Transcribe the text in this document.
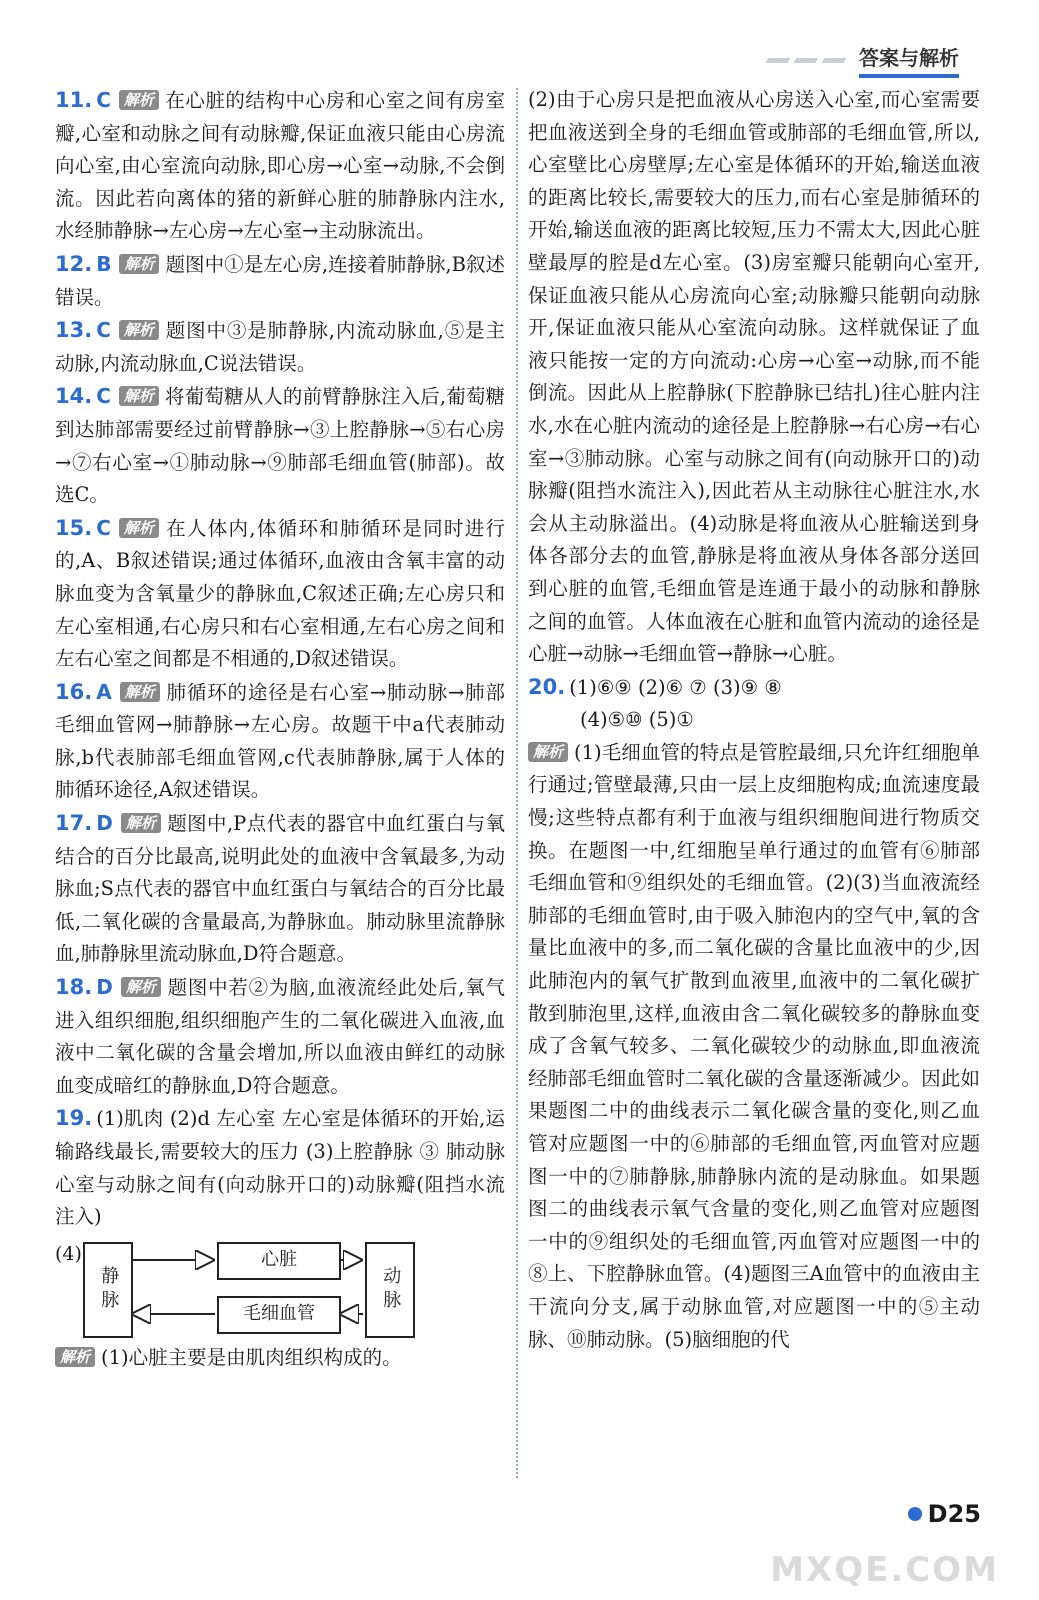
答案与解析
11. C 解析 在心脏的结构中心房和心室之间有房室瓣,心室和动脉之间有动脉瓣,保证血液只能由心房流向心室,由心室流向动脉,即心房→心室→动脉,不会倒流。因此若向离体的猪的新鲜心脏的肺静脉内注水,水经肺静脉→左心房→左心室→主动脉流出。
12. B 解析 题图中①是左心房,连接着肺静脉,B叙述错误。
13. C 解析 题图中③是肺静脉,内流动脉血,⑤是主动脉,内流动脉血,C说法错误。
14. C 解析 将葡萄糖从人的前臂静脉注入后,葡萄糖到达肺部需要经过前臂静脉→③上腔静脉→⑤右心房→⑦右心室→①肺动脉→⑨肺部毛细血管(肺部)。故选C。
15. C 解析 在人体内,体循环和肺循环是同时进行的,A、B叙述错误;通过体循环,血液由含氧丰富的动脉血变为含氧量少的静脉血,C叙述正确;左心房只和左心室相通,右心房只和右心室相通,左右心房之间和左右心室之间都是不相通的,D叙述错误。
16. A 解析 肺循环的途径是右心室→肺动脉→肺部毛细血管网→肺静脉→左心房。故题干中a代表肺动脉,b代表肺部毛细血管网,c代表肺静脉,属于人体的肺循环途径,A叙述错误。
17. D 解析 题图中,P点代表的器官中血红蛋白与氧结合的百分比最高,说明此处的血液中含氧最多,为动脉血;S点代表的器官中血红蛋白与氧结合的百分比最低,二氧化碳的含量最高,为静脉血。肺动脉里流静脉血,肺静脉里流动脉血,D符合题意。
18. D 解析 题图中若②为脑,血液流经此处后,氧气进入组织细胞,组织细胞产生的二氧化碳进入血液,血液中二氧化碳的含量会增加,所以血液由鲜红的动脉血变成暗红的静脉血,D符合题意。
19. (1)肌肉 (2)d 左心室 左心室是体循环的开始,运输路线最长,需要较大的压力 (3)上腔静脉 ③ 肺动脉 心室与动脉之间有(向动脉开口的)动脉瓣(阻挡水流注入)
(4)
静脉
心脏
动脉
毛细血管
解析 (1)心脏主要是由肌肉组织构成的。
(2)由于心房只是把血液从心房送入心室,而心室需要把血液送到全身的毛细血管或肺部的毛细血管,所以,心室壁比心房壁厚;左心室是体循环的开始,输送血液的距离比较长,需要较大的压力,而右心室是肺循环的开始,输送血液的距离比较短,压力不需太大,因此心脏壁最厚的腔是d左心室。(3)房室瓣只能朝向心室开,保证血液只能从心房流向心室;动脉瓣只能朝向动脉开,保证血液只能从心室流向动脉。这样就保证了血液只能按一定的方向流动:心房→心室→动脉,而不能倒流。因此从上腔静脉(下腔静脉已结扎)往心脏内注水,水在心脏内流动的途径是上腔静脉→右心房→右心室→③肺动脉。心室与动脉之间有(向动脉开口的)动脉瓣(阻挡水流注入),因此若从主动脉往心脏注水,水会从主动脉溢出。(4)动脉是将血液从心脏输送到身体各部分去的血管,静脉是将血液从身体各部分送回到心脏的血管,毛细血管是连通于最小的动脉和静脉之间的血管。人体血液在心脏和血管内流动的途径是心脏→动脉→毛细血管→静脉→心脏。
20. (1)⑥⑨ (2)⑥ ⑦ (3)⑨ ⑧
(4)⑤⑩ (5)①
解析 (1)毛细血管的特点是管腔最细,只允许红细胞单行通过;管壁最薄,只由一层上皮细胞构成;血流速度最慢;这些特点都有利于血液与组织细胞间进行物质交换。在题图一中,红细胞呈单行通过的血管有⑥肺部毛细血管和⑨组织处的毛细血管。(2)(3)当血液流经肺部的毛细血管时,由于吸入肺泡内的空气中,氧的含量比血液中的多,而二氧化碳的含量比血液中的少,因此肺泡内的氧气扩散到血液里,血液中的二氧化碳扩散到肺泡里,这样,血液由含二氧化碳较多的静脉血变成了含氧气较多、二氧化碳较少的动脉血,即血液流经肺部毛细血管时二氧化碳的含量逐渐减少。因此如果题图二中的曲线表示二氧化碳含量的变化,则乙血管对应题图一中的⑥肺部的毛细血管,丙血管对应题图一中的⑦肺静脉,肺静脉内流的是动脉血。如果题图二的曲线表示氧气含量的变化,则乙血管对应题图一中的⑨组织处的毛细血管,丙血管对应题图一中的⑧上、下腔静脉血管。(4)题图三A血管中的血液由主干流向分支,属于动脉血管,对应题图一中的⑤主动脉、⑩肺动脉。(5)脑细胞的代
D25
MXQE.COM
